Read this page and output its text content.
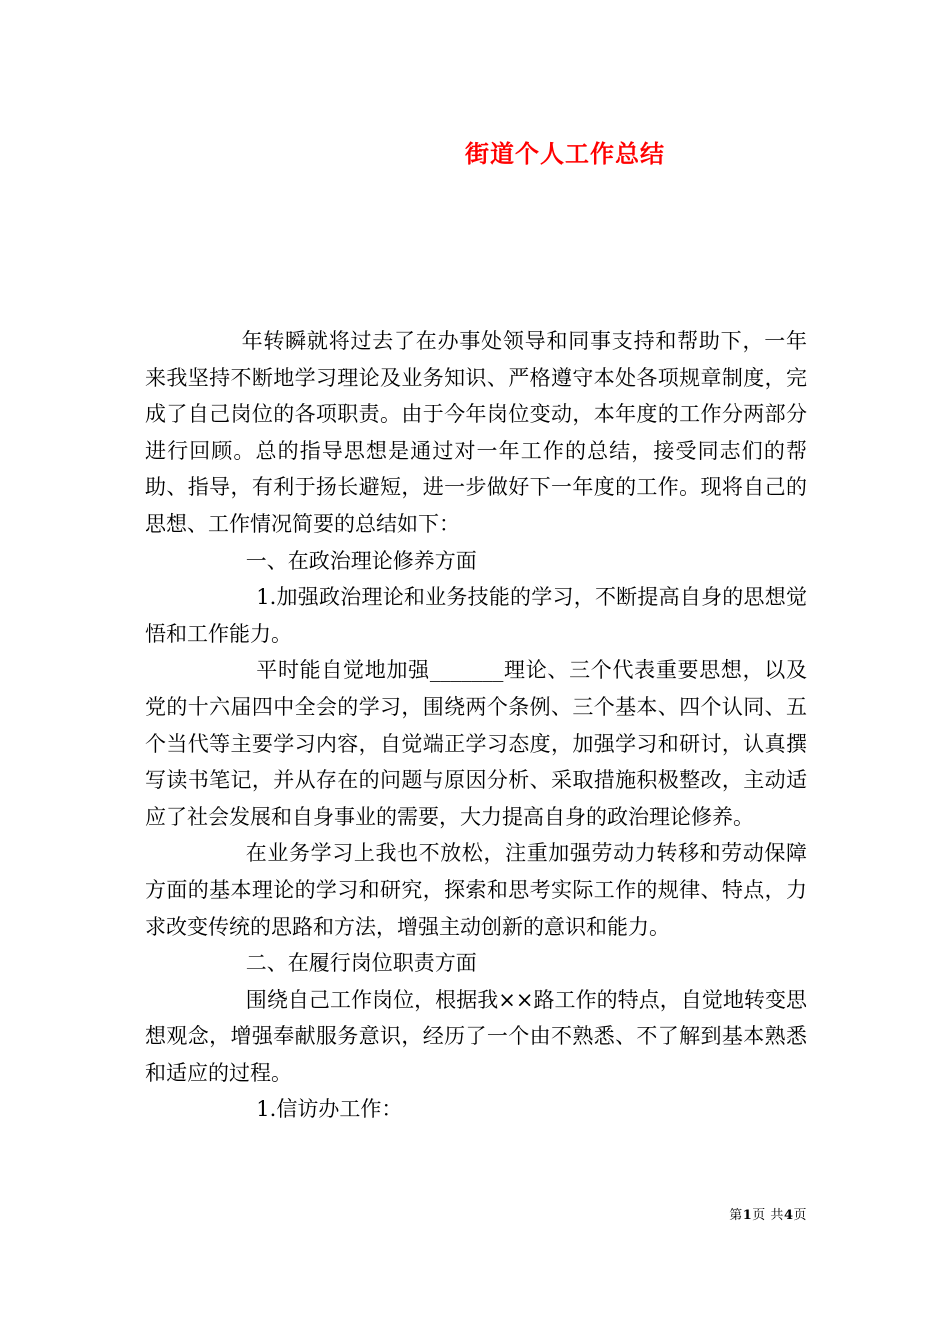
街道个人工作总结

年转瞬就将过去了在办事处领导和同事支持和帮助下，一年来我坚持不断地学习理论及业务知识、严格遵守本处各项规章制度，完成了自己岗位的各项职责。由于今年岗位变动，本年度的工作分两部分进行回顾。总的指导思想是通过对一年工作的总结，接受同志们的帮助、指导，有利于扬长避短，进一步做好下一年度的工作。现将自己的思想、工作情况简要的总结如下：

一、在政治理论修养方面

1.加强政治理论和业务技能的学习，不断提高自身的思想觉悟和工作能力。

平时能自觉地加强_______理论、三个代表重要思想，以及党的十六届四中全会的学习，围绕两个条例、三个基本、四个认同、五个当代等主要学习内容，自觉端正学习态度，加强学习和研讨，认真撰写读书笔记，并从存在的问题与原因分析、采取措施积极整改，主动适应了社会发展和自身事业的需要，大力提高自身的政治理论修养。

在业务学习上我也不放松，注重加强劳动力转移和劳动保障方面的基本理论的学习和研究，探索和思考实际工作的规律、特点，力求改变传统的思路和方法，增强主动创新的意识和能力。

二、在履行岗位职责方面

围绕自己工作岗位，根据我××路工作的特点，自觉地转变思想观念，增强奉献服务意识，经历了一个由不熟悉、不了解到基本熟悉和适应的过程。

1.信访办工作：

第1页 共4页
